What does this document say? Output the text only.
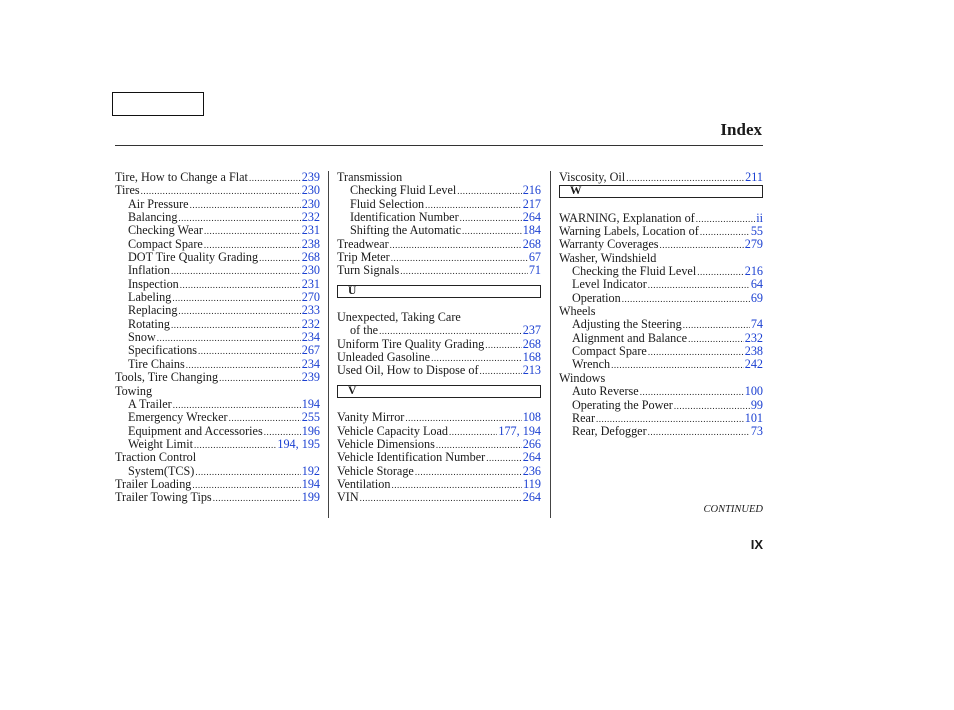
Index
Tire, How to Change a Flat .....	239
Tires .....	230
Air Pressure .....	230
Balancing .....	232
Checking Wear .....	231
Compact Spare .....	238
DOT Tire Quality Grading .....	268
Inflation .....	230
Inspection .....	231
Labeling .....	270
Replacing .....	233
Rotating .....	232
Snow .....	234
Specifications .....	267
Tire Chains .....	234
Tools, Tire Changing .....	239
Towing
A Trailer .....	194
Emergency Wrecker .....	255
Equipment and Accessories .....	196
Weight Limit .....	194, 195
Traction Control
System(TCS) .....	192
Trailer Loading .....	194
Trailer Towing Tips .....	199
Transmission
Checking Fluid Level .....	216
Fluid Selection .....	217
Identification Number .....	264
Shifting the Automatic .....	184
Treadwear .....	268
Trip Meter .....	67
Turn Signals .....	71
U
Unexpected, Taking Care
of the .....	237
Uniform Tire Quality Grading .....	268
Unleaded Gasoline .....	168
Used Oil, How to Dispose of .....	213
V
Vanity Mirror .....	108
Vehicle Capacity Load .....	177, 194
Vehicle Dimensions .....	266
Vehicle Identification Number .....	264
Vehicle Storage .....	236
Ventilation .....	119
VIN .....	264
Viscosity, Oil .....	211
W
WARNING, Explanation of .....	ii
Warning Labels, Location of .....	55
Warranty Coverages .....	279
Washer, Windshield
Checking the Fluid Level .....	216
Level Indicator .....	64
Operation .....	69
Wheels
Adjusting the Steering .....	74
Alignment and Balance .....	232
Compact Spare .....	238
Wrench .....	242
Windows
Auto Reverse .....	100
Operating the Power .....	99
Rear .....	101
Rear, Defogger .....	73
CONTINUED
IX
